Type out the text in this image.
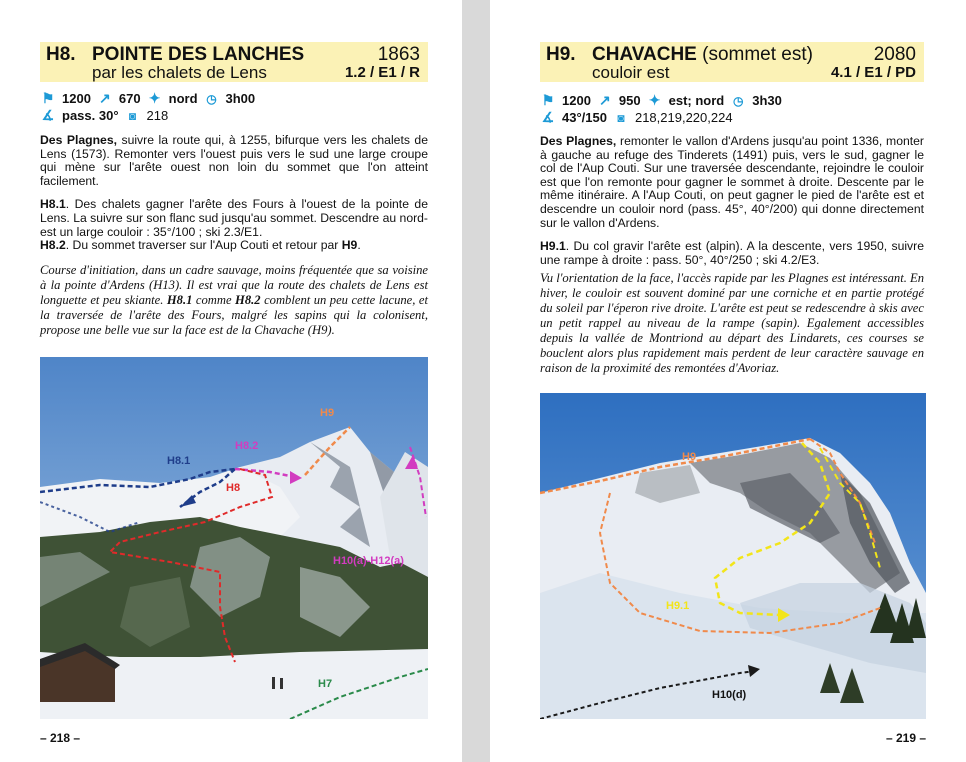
H8. POINTE DES LANCHES
par les chalets de Lens
1863
1.2 / E1 / R
⚑ 1200 ↗ 670 ✦ nord ◷ 3h00
∡ pass. 30° ◙ 218

Des Plagnes, suivre la route qui, à 1255, bifurque vers les chalets de Lens (1573). Remonter vers l'ouest puis vers le sud une large croupe qui mène sur l'arête ouest non loin du sommet que l'on atteint facilement.

H8.1. Des chalets gagner l'arête des Fours à l'ouest de la pointe de Lens. La suivre sur son flanc sud jusqu'au sommet. Descendre au nord-est un large couloir : 35°/100 ; ski 2.3/E1.

H8.2. Du sommet traverser sur l'Aup Couti et retour par H9.

Course d'initiation, dans un cadre sauvage, moins fréquentée que sa voisine à la pointe d'Ardens (H13). Il est vrai que la route des chalets de Lens est longuette et peu skiante. H8.1 comme H8.2 comblent un peu cette lacune, et la traversée de l'arête des Fours, malgré les sapins qui la colonisent, propose une belle vue sur la face est de la Chavache (H9).

H9
H8.2
H8.1
H8
H10(a)-H12(a)
H7
– 218 –
H9. CHAVACHE (sommet est)
couloir est
2080
4.1 / E1 / PD
⚑ 1200 ↗ 950 ✦ est; nord ◷ 3h30
∡ 43°/150 ◙ 218,219,220,224

Des Plagnes, remonter le vallon d'Ardens jusqu'au point 1336, monter à gauche au refuge des Tinderets (1491) puis, vers le sud, gagner le col de l'Aup Couti. Sur une traversée descendante, rejoindre le couloir est que l'on remonte pour gagner le sommet à droite. Descente par le même itinéraire. A l'Aup Couti, on peut gagner le pied de l'arête est et descendre un couloir nord (pass. 45°, 40°/200) qui donne directement sur le vallon d'Ardens.

H9.1. Du col gravir l'arête est (alpin). A la descente, vers 1950, suivre une rampe à droite : pass. 50°, 40°/250 ; ski 4.2/E3.

Vu l'orientation de la face, l'accès rapide par les Plagnes est intéressant. En hiver, le couloir est souvent dominé par une corniche et en partie protégé du soleil par l'éperon rive droite. L'arête est peut se redescendre à skis avec un petit rappel au niveau de la rampe (sapin). Egalement accessibles depuis la vallée de Montriond au départ des Lindarets, ces courses se bouclent alors plus rapidement mais perdent de leur caractère sauvage en raison de la proximité des remontées d'Avoriaz.

H9
H9.1
H10(d)
– 219 –
